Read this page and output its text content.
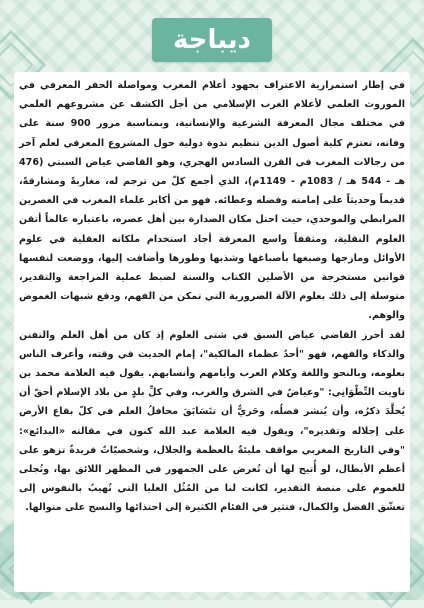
ديباجة

في إطار استمرارية الاعتراف بجهود أعلام المغرب ومواصلة الحفر المعرفي في الموروث العلمي لأعلام الغرب الإسلامي من أجل الكشف عن مشروعهم العلمي في مختلف مجال المعرفة الشرعية والإنسانية، وبمناسبة مرور 900 سنة على وفاته، تعتزم كلية أصول الدين تنظيم ندوة دولية حول المشروع المعرفي لعلم آخر من رجالات المغرب في القرن السادس الهجري، وهو القاضي عياض السبتي (476 هـ - 544 هـ / 1083م - 1149م)، الذي أجمع كلّ من ترجم له، مغاربةً ومشارقةً، قديماً وحديثاً على إمامته وفضله وعطائه. فهو من أكابر علماء المغرب في العصرين المرابطي والموحدي، حيث احتل مكان الصدارة بين أهل عصره، باعتباره عالماً أتقن العلوم النقلية، ومثقفاً واسع المعرفة أجاد استخدام ملكاته العقلية في علوم الأوائل ومازجها وصبغها بأصباغها وشذبها وطورها وأضافت إليها، ووضعت لنفسها قوانين مستخرجة من الأصلين الكتاب والسنة لضبط عملية المراجعة والتقدير، متوسلة إلى ذلك بعلوم الآلة الضرورية التي تمكن من الفهم، ودفع شبهات الغموض والوهم.

لقد أحرز القاضي عياض السبق في شتى العلوم إذ كان من أهل العلم والتفنن والذكاء والفهم، فهو "أحدُ عظماء المالكية"، إمام الحديث في وقته، وأعرف الناس بعلومه، وبالنحو واللغة وكلام العرب وأيامهم وأنسابهم. يقول فيه العلامة محمد بن تاويت التِّطْوَانِي: "وعياضٌ في الشرق والغرب، وفي كلِّ بلدٍ من بلاد الإسلام أحقّ أن يُخلَّدَ ذكرُه، وأن يُنشر فضلُه، وحَريٌّ أن تتَسَابَقَ محافلُ العلم في كلّ بقاع الأرض على إجلاله وتقديره"، ويقول فيه العلامة عبد الله كنون في مقالته «البدائع»: "وفي التاريخ المغربي مواقف مليئةٌ بالعظمة والجلال، وشخصيّاتٌ فريدةٌ تزهو على أعظم الأبطال، لو أُتيح لها أن تُعرض على الجمهور في المظهر اللائق بها، وتُجلى للعموم على منصة التقدير، لكانت لنا من المُثُل العليا التي تُهيبُ بالنفوس إلى تعشّق الفضل والكمال، فتثير في الفئام الكثيرة إلى احتذائها والنسج على منوالها.
